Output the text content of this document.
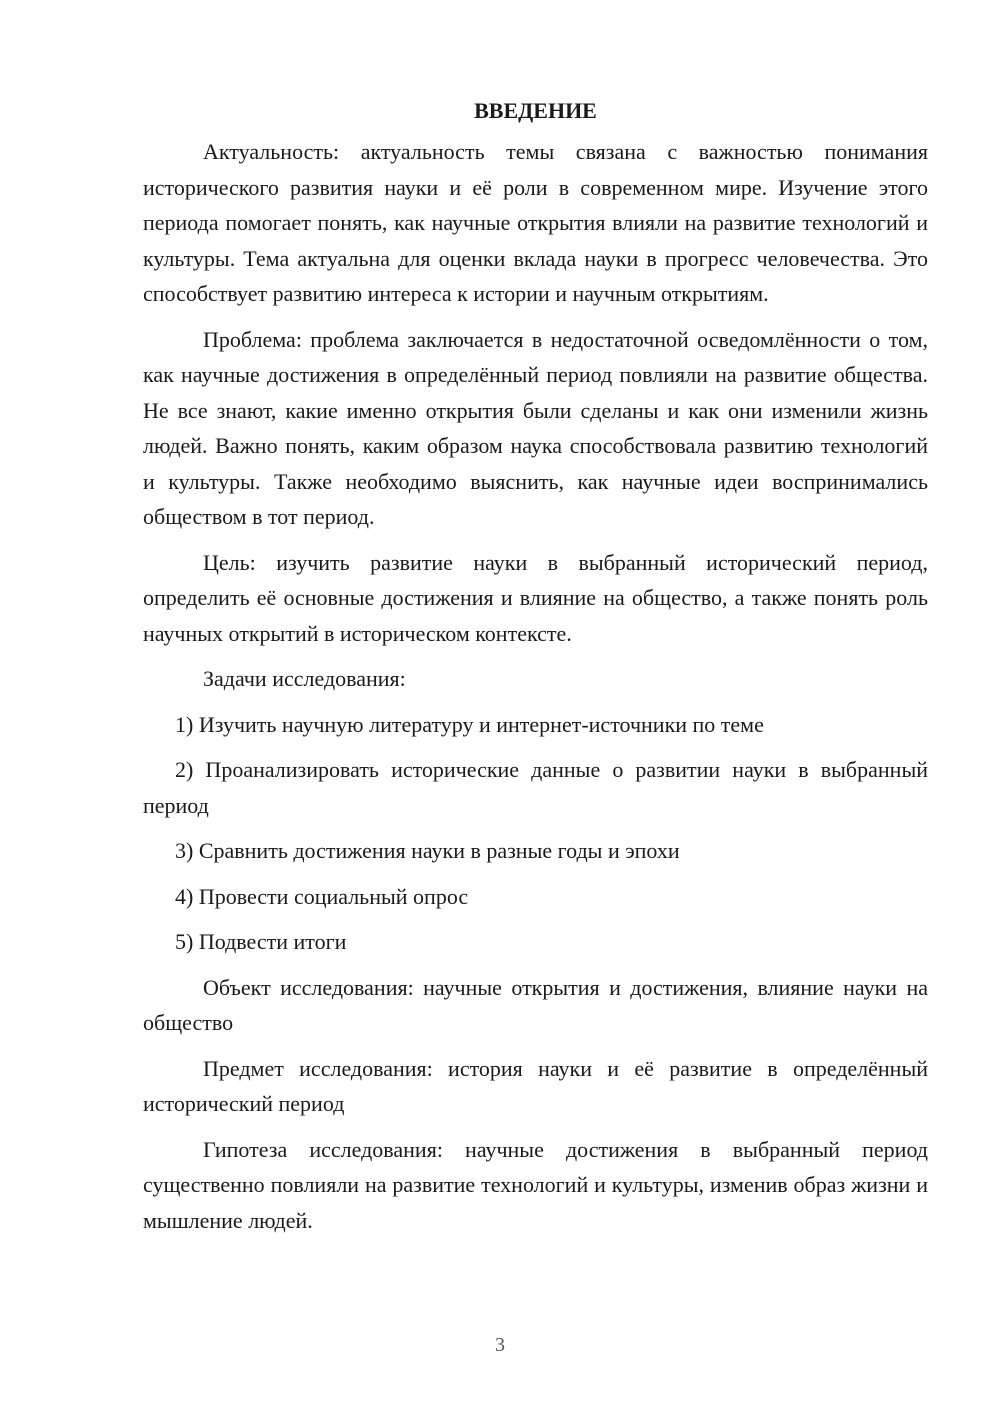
ВВЕДЕНИЕ

Актуальность: актуальность темы связана с важностью понимания исторического развития науки и её роли в современном мире. Изучение этого периода помогает понять, как научные открытия влияли на развитие технологий и культуры. Тема актуальна для оценки вклада науки в прогресс человечества. Это способствует развитию интереса к истории и научным открытиям.

Проблема: проблема заключается в недостаточной осведомлённости о том, как научные достижения в определённый период повлияли на развитие общества. Не все знают, какие именно открытия были сделаны и как они изменили жизнь людей. Важно понять, каким образом наука способствовала развитию технологий и культуры. Также необходимо выяснить, как научные идеи воспринимались обществом в тот период.

Цель: изучить развитие науки в выбранный исторический период, определить её основные достижения и влияние на общество, а также понять роль научных открытий в историческом контексте.

Задачи исследования:

1) Изучить научную литературу и интернет-источники по теме

2) Проанализировать исторические данные о развитии науки в выбранный период

3) Сравнить достижения науки в разные годы и эпохи

4) Провести социальный опрос

5) Подвести итоги

Объект исследования: научные открытия и достижения, влияние науки на общество

Предмет исследования: история науки и её развитие в определённый исторический период

Гипотеза исследования: научные достижения в выбранный период существенно повлияли на развитие технологий и культуры, изменив образ жизни и мышление людей.

3
